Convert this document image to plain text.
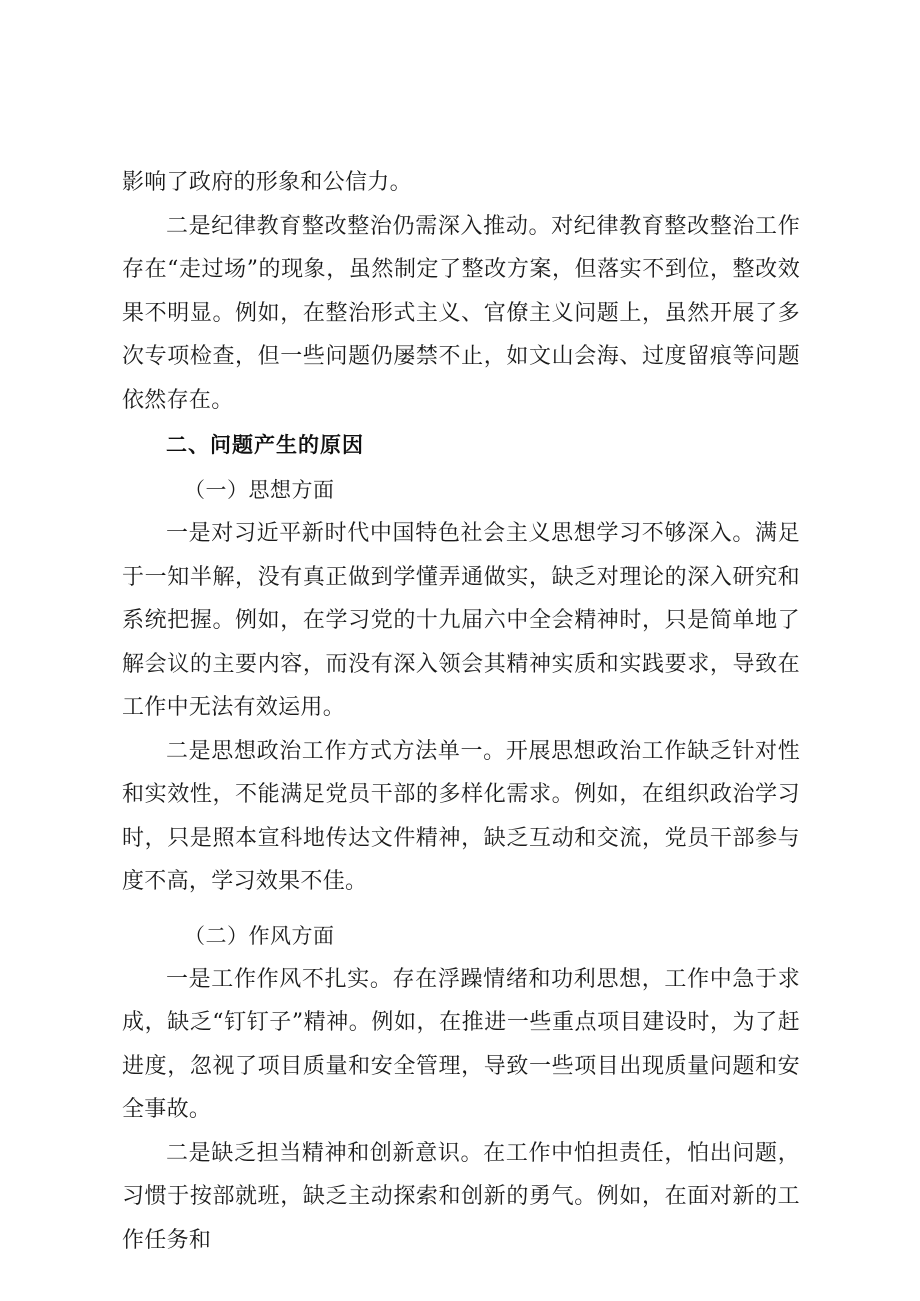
影响了政府的形象和公信力。

二是纪律教育整改整治仍需深入推动。对纪律教育整改整治工作存在“走过场”的现象，虽然制定了整改方案，但落实不到位，整改效果不明显。例如，在整治形式主义、官僚主义问题上，虽然开展了多次专项检查，但一些问题仍屡禁不止，如文山会海、过度留痕等问题依然存在。

二、问题产生的原因

（一）思想方面

一是对习近平新时代中国特色社会主义思想学习不够深入。满足于一知半解，没有真正做到学懂弄通做实，缺乏对理论的深入研究和系统把握。例如，在学习党的十九届六中全会精神时，只是简单地了解会议的主要内容，而没有深入领会其精神实质和实践要求，导致在工作中无法有效运用。

二是思想政治工作方式方法单一。开展思想政治工作缺乏针对性和实效性，不能满足党员干部的多样化需求。例如，在组织政治学习时，只是照本宣科地传达文件精神，缺乏互动和交流，党员干部参与度不高，学习效果不佳。

（二）作风方面

一是工作作风不扎实。存在浮躁情绪和功利思想，工作中急于求成，缺乏“钉钉子”精神。例如，在推进一些重点项目建设时，为了赶进度，忽视了项目质量和安全管理，导致一些项目出现质量问题和安全事故。

二是缺乏担当精神和创新意识。在工作中怕担责任，怕出问题，习惯于按部就班，缺乏主动探索和创新的勇气。例如，在面对新的工作任务和
